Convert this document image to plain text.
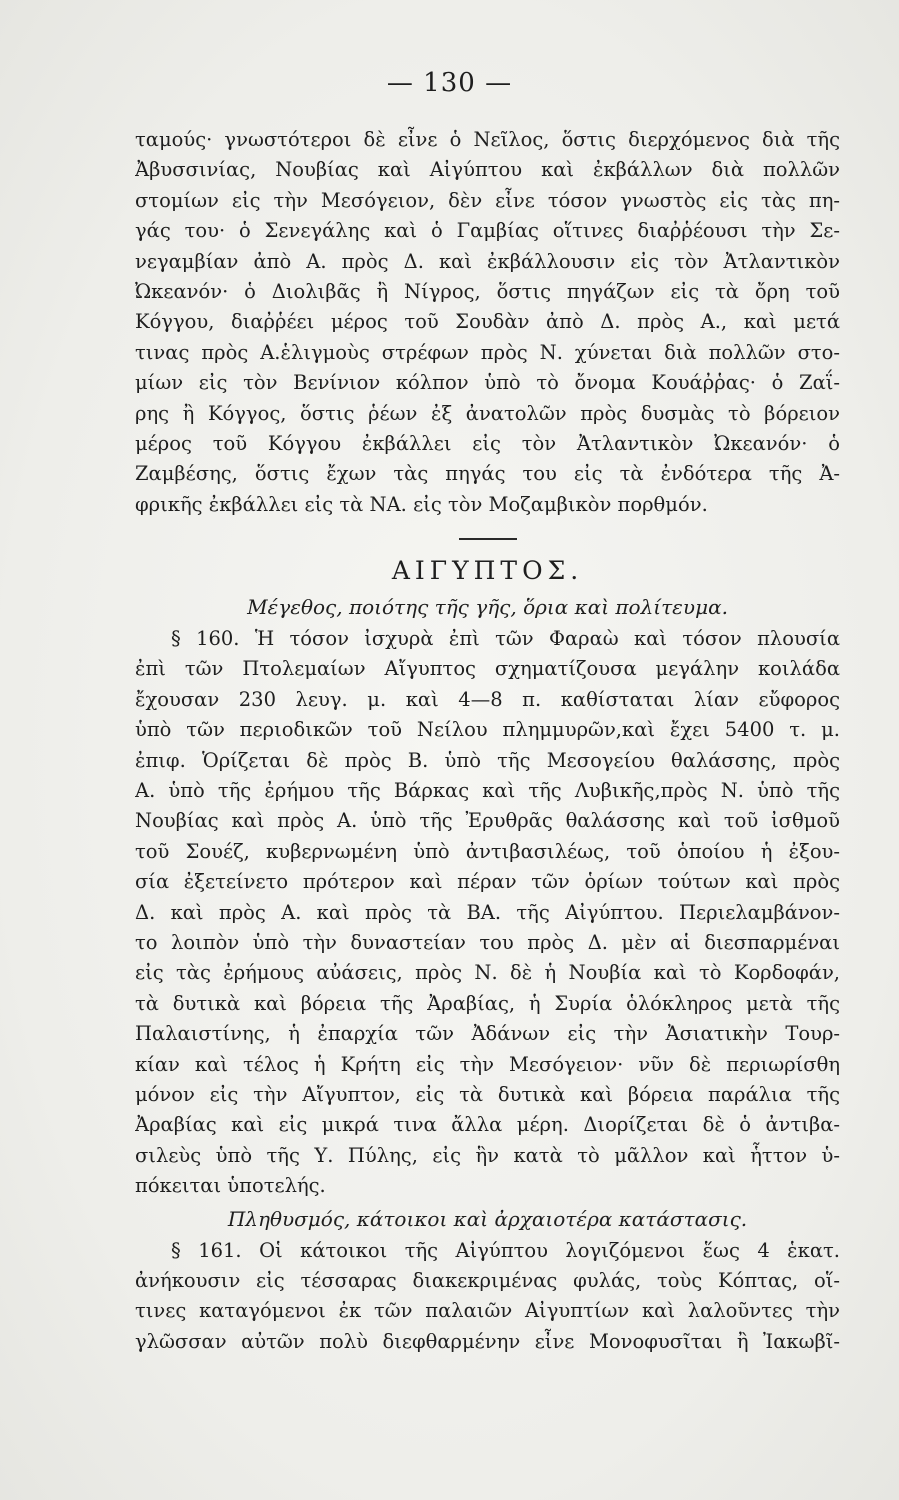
— 130 —
ταμούς· γνωστότεροι δὲ εἶνε ὁ Νεῖλος, ὅστις διερχόμενος διὰ τῆς
Ἀβυσσινίας, Νουβίας καὶ Αἰγύπτου καὶ ἐκβάλλων διὰ πολλῶν
στομίων εἰς τὴν Μεσόγειον, δὲν εἶνε τόσον γνωστὸς εἰς τὰς πη-
γάς του· ὁ Σενεγάλης καὶ ὁ Γαμβίας οἵτινες διαῤῥέουσι τὴν Σε-
νεγαμβίαν ἀπὸ Α. πρὸς Δ. καὶ ἐκβάλλουσιν εἰς τὸν Ἀτλαντικὸν
Ὠκεανόν· ὁ Διολιβᾶς ἢ Νίγρος, ὅστις πηγάζων εἰς τὰ ὄρη τοῦ
Κόγγου, διαῤῥέει μέρος τοῦ Σουδὰν ἀπὸ Δ. πρὸς Α., καὶ μετά
τινας πρὸς Α.ἑλιγμοὺς στρέφων πρὸς Ν. χύνεται διὰ πολλῶν στο-
μίων εἰς τὸν Βενίνιον κόλπον ὑπὸ τὸ ὄνομα Κουάῤῥας· ὁ Ζαΐ-
ρης ἢ Κόγγος, ὅστις ῥέων ἐξ ἀνατολῶν πρὸς δυσμὰς τὸ βόρειον
μέρος τοῦ Κόγγου ἐκβάλλει εἰς τὸν Ἀτλαντικὸν Ὠκεανόν· ὁ
Ζαμβέσης, ὅστις ἔχων τὰς πηγάς του εἰς τὰ ἐνδότερα τῆς Ἀ-
φρικῆς ἐκβάλλει εἰς τὰ ΝΑ. εἰς τὸν Μοζαμβικὸν πορθμόν.
ΑΙΓΥΠΤΟΣ.
Μέγεθος, ποιότης τῆς γῆς, ὅρια καὶ πολίτευμα.
§ 160. Ἡ τόσον ἰσχυρὰ ἐπὶ τῶν Φαραὼ καὶ τόσον πλουσία
ἐπὶ τῶν Πτολεμαίων Αἴγυπτος σχηματίζουσα μεγάλην κοιλάδα
ἔχουσαν 230 λευγ. μ. καὶ 4—8 π. καθίσταται λίαν εὔφορος
ὑπὸ τῶν περιοδικῶν τοῦ Νείλου πλημμυρῶν,καὶ ἔχει 5400 τ. μ.
ἐπιφ. Ὁρίζεται δὲ πρὸς Β. ὑπὸ τῆς Μεσογείου θαλάσσης, πρὸς
Α. ὑπὸ τῆς ἐρήμου τῆς Βάρκας καὶ τῆς Λυβικῆς,πρὸς Ν. ὑπὸ τῆς
Νουβίας καὶ πρὸς Α. ὑπὸ τῆς Ἐρυθρᾶς θαλάσσης καὶ τοῦ ἰσθμοῦ
τοῦ Σουέζ, κυβερνωμένη ὑπὸ ἀντιβασιλέως, τοῦ ὁποίου ἡ ἐξου-
σία ἐξετείνετο πρότερον καὶ πέραν τῶν ὁρίων τούτων καὶ πρὸς
Δ. καὶ πρὸς Α. καὶ πρὸς τὰ ΒΑ. τῆς Αἰγύπτου. Περιελαμβάνον-
το λοιπὸν ὑπὸ τὴν δυναστείαν του πρὸς Δ. μὲν αἱ διεσπαρμέναι
εἰς τὰς ἐρήμους αὐάσεις, πρὸς Ν. δὲ ἡ Νουβία καὶ τὸ Κορδοφάν,
τὰ δυτικὰ καὶ βόρεια τῆς Ἀραβίας, ἡ Συρία ὁλόκληρος μετὰ τῆς
Παλαιστίνης, ἡ ἐπαρχία τῶν Ἀδάνων εἰς τὴν Ἀσιατικὴν Τουρ-
κίαν καὶ τέλος ἡ Κρήτη εἰς τὴν Μεσόγειον· νῦν δὲ περιωρίσθη
μόνον εἰς τὴν Αἴγυπτον, εἰς τὰ δυτικὰ καὶ βόρεια παράλια τῆς
Ἀραβίας καὶ εἰς μικρά τινα ἄλλα μέρη. Διορίζεται δὲ ὁ ἀντιβα-
σιλεὺς ὑπὸ τῆς Υ. Πύλης, εἰς ἣν κατὰ τὸ μᾶλλον καὶ ἧττον ὑ-
πόκειται ὑποτελής.
Πληθυσμός, κάτοικοι καὶ ἀρχαιοτέρα κατάστασις.
§ 161. Οἱ κάτοικοι τῆς Αἰγύπτου λογιζόμενοι ἕως 4 ἑκατ.
ἀνήκουσιν εἰς τέσσαρας διακεκριμένας φυλάς, τοὺς Κόπτας, οἵ-
τινες καταγόμενοι ἐκ τῶν παλαιῶν Αἰγυπτίων καὶ λαλοῦντες τὴν
γλῶσσαν αὐτῶν πολὺ διεφθαρμένην εἶνε Μονοφυσῖται ἢ Ἰακωβῖ-
